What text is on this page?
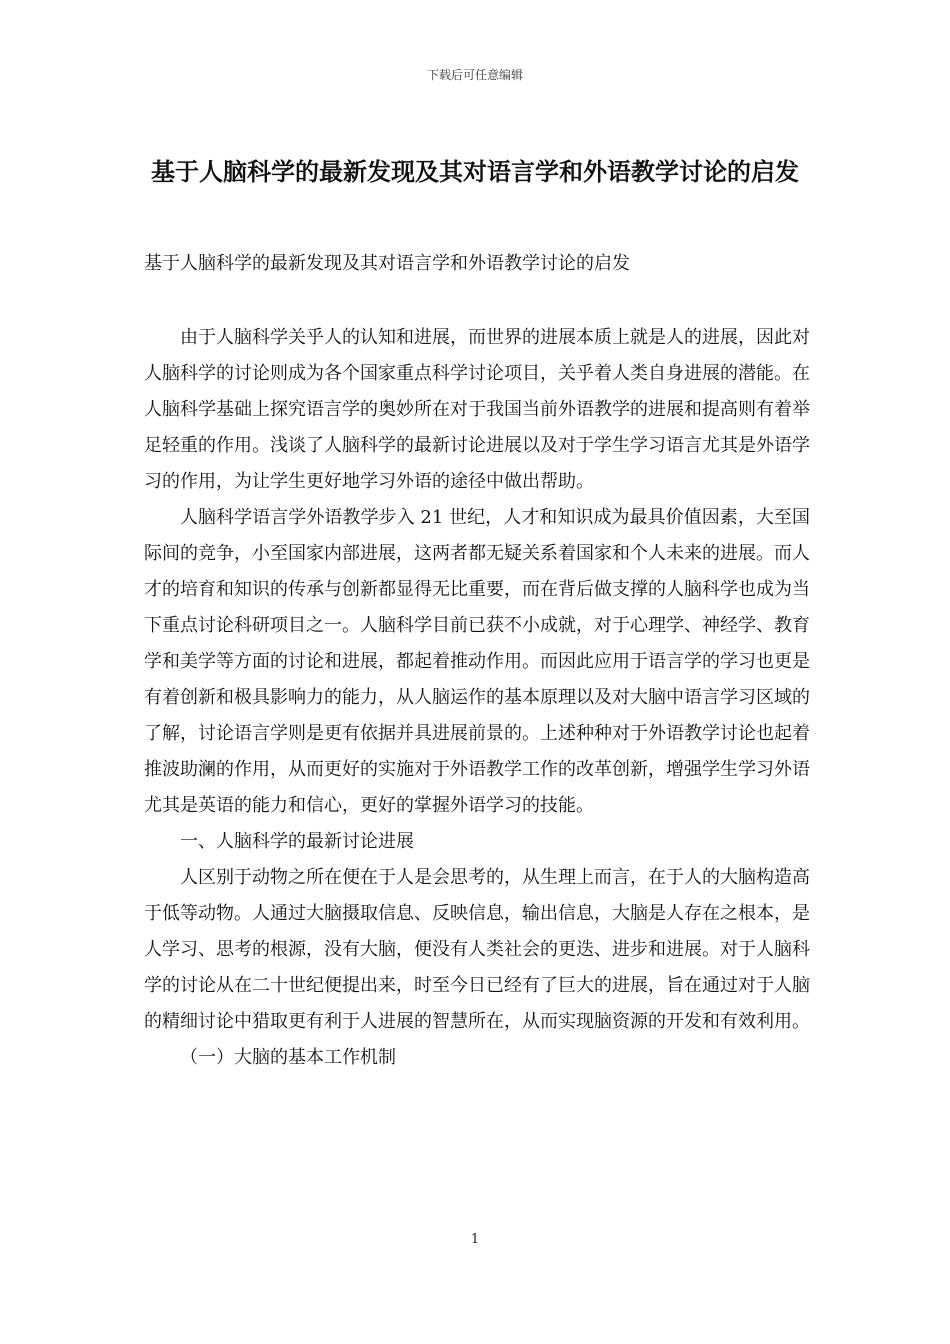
下载后可任意编辑
基于人脑科学的最新发现及其对语言学和外语教学讨论的启发

基于人脑科学的最新发现及其对语言学和外语教学讨论的启发

由于人脑科学关乎人的认知和进展，而世界的进展本质上就是人的进展，因此对人脑科学的讨论则成为各个国家重点科学讨论项目，关乎着人类自身进展的潜能。在人脑科学基础上探究语言学的奥妙所在对于我国当前外语教学的进展和提高则有着举足轻重的作用。浅谈了人脑科学的最新讨论进展以及对于学生学习语言尤其是外语学习的作用，为让学生更好地学习外语的途径中做出帮助。

人脑科学语言学外语教学步入 21 世纪，人才和知识成为最具价值因素，大至国际间的竞争，小至国家内部进展，这两者都无疑关系着国家和个人未来的进展。而人才的培育和知识的传承与创新都显得无比重要，而在背后做支撑的人脑科学也成为当下重点讨论科研项目之一。人脑科学目前已获不小成就，对于心理学、神经学、教育学和美学等方面的讨论和进展，都起着推动作用。而因此应用于语言学的学习也更是有着创新和极具影响力的能力，从人脑运作的基本原理以及对大脑中语言学习区域的了解，讨论语言学则是更有依据并具进展前景的。上述种种对于外语教学讨论也起着推波助澜的作用，从而更好的实施对于外语教学工作的改革创新，增强学生学习外语尤其是英语的能力和信心，更好的掌握外语学习的技能。

一、人脑科学的最新讨论进展

人区别于动物之所在便在于人是会思考的，从生理上而言，在于人的大脑构造高于低等动物。人通过大脑摄取信息、反映信息，输出信息，大脑是人存在之根本，是人学习、思考的根源，没有大脑，便没有人类社会的更迭、进步和进展。对于人脑科学的讨论从在二十世纪便提出来，时至今日已经有了巨大的进展，旨在通过对于人脑的精细讨论中猎取更有利于人进展的智慧所在，从而实现脑资源的开发和有效利用。

（一）大脑的基本工作机制

1
